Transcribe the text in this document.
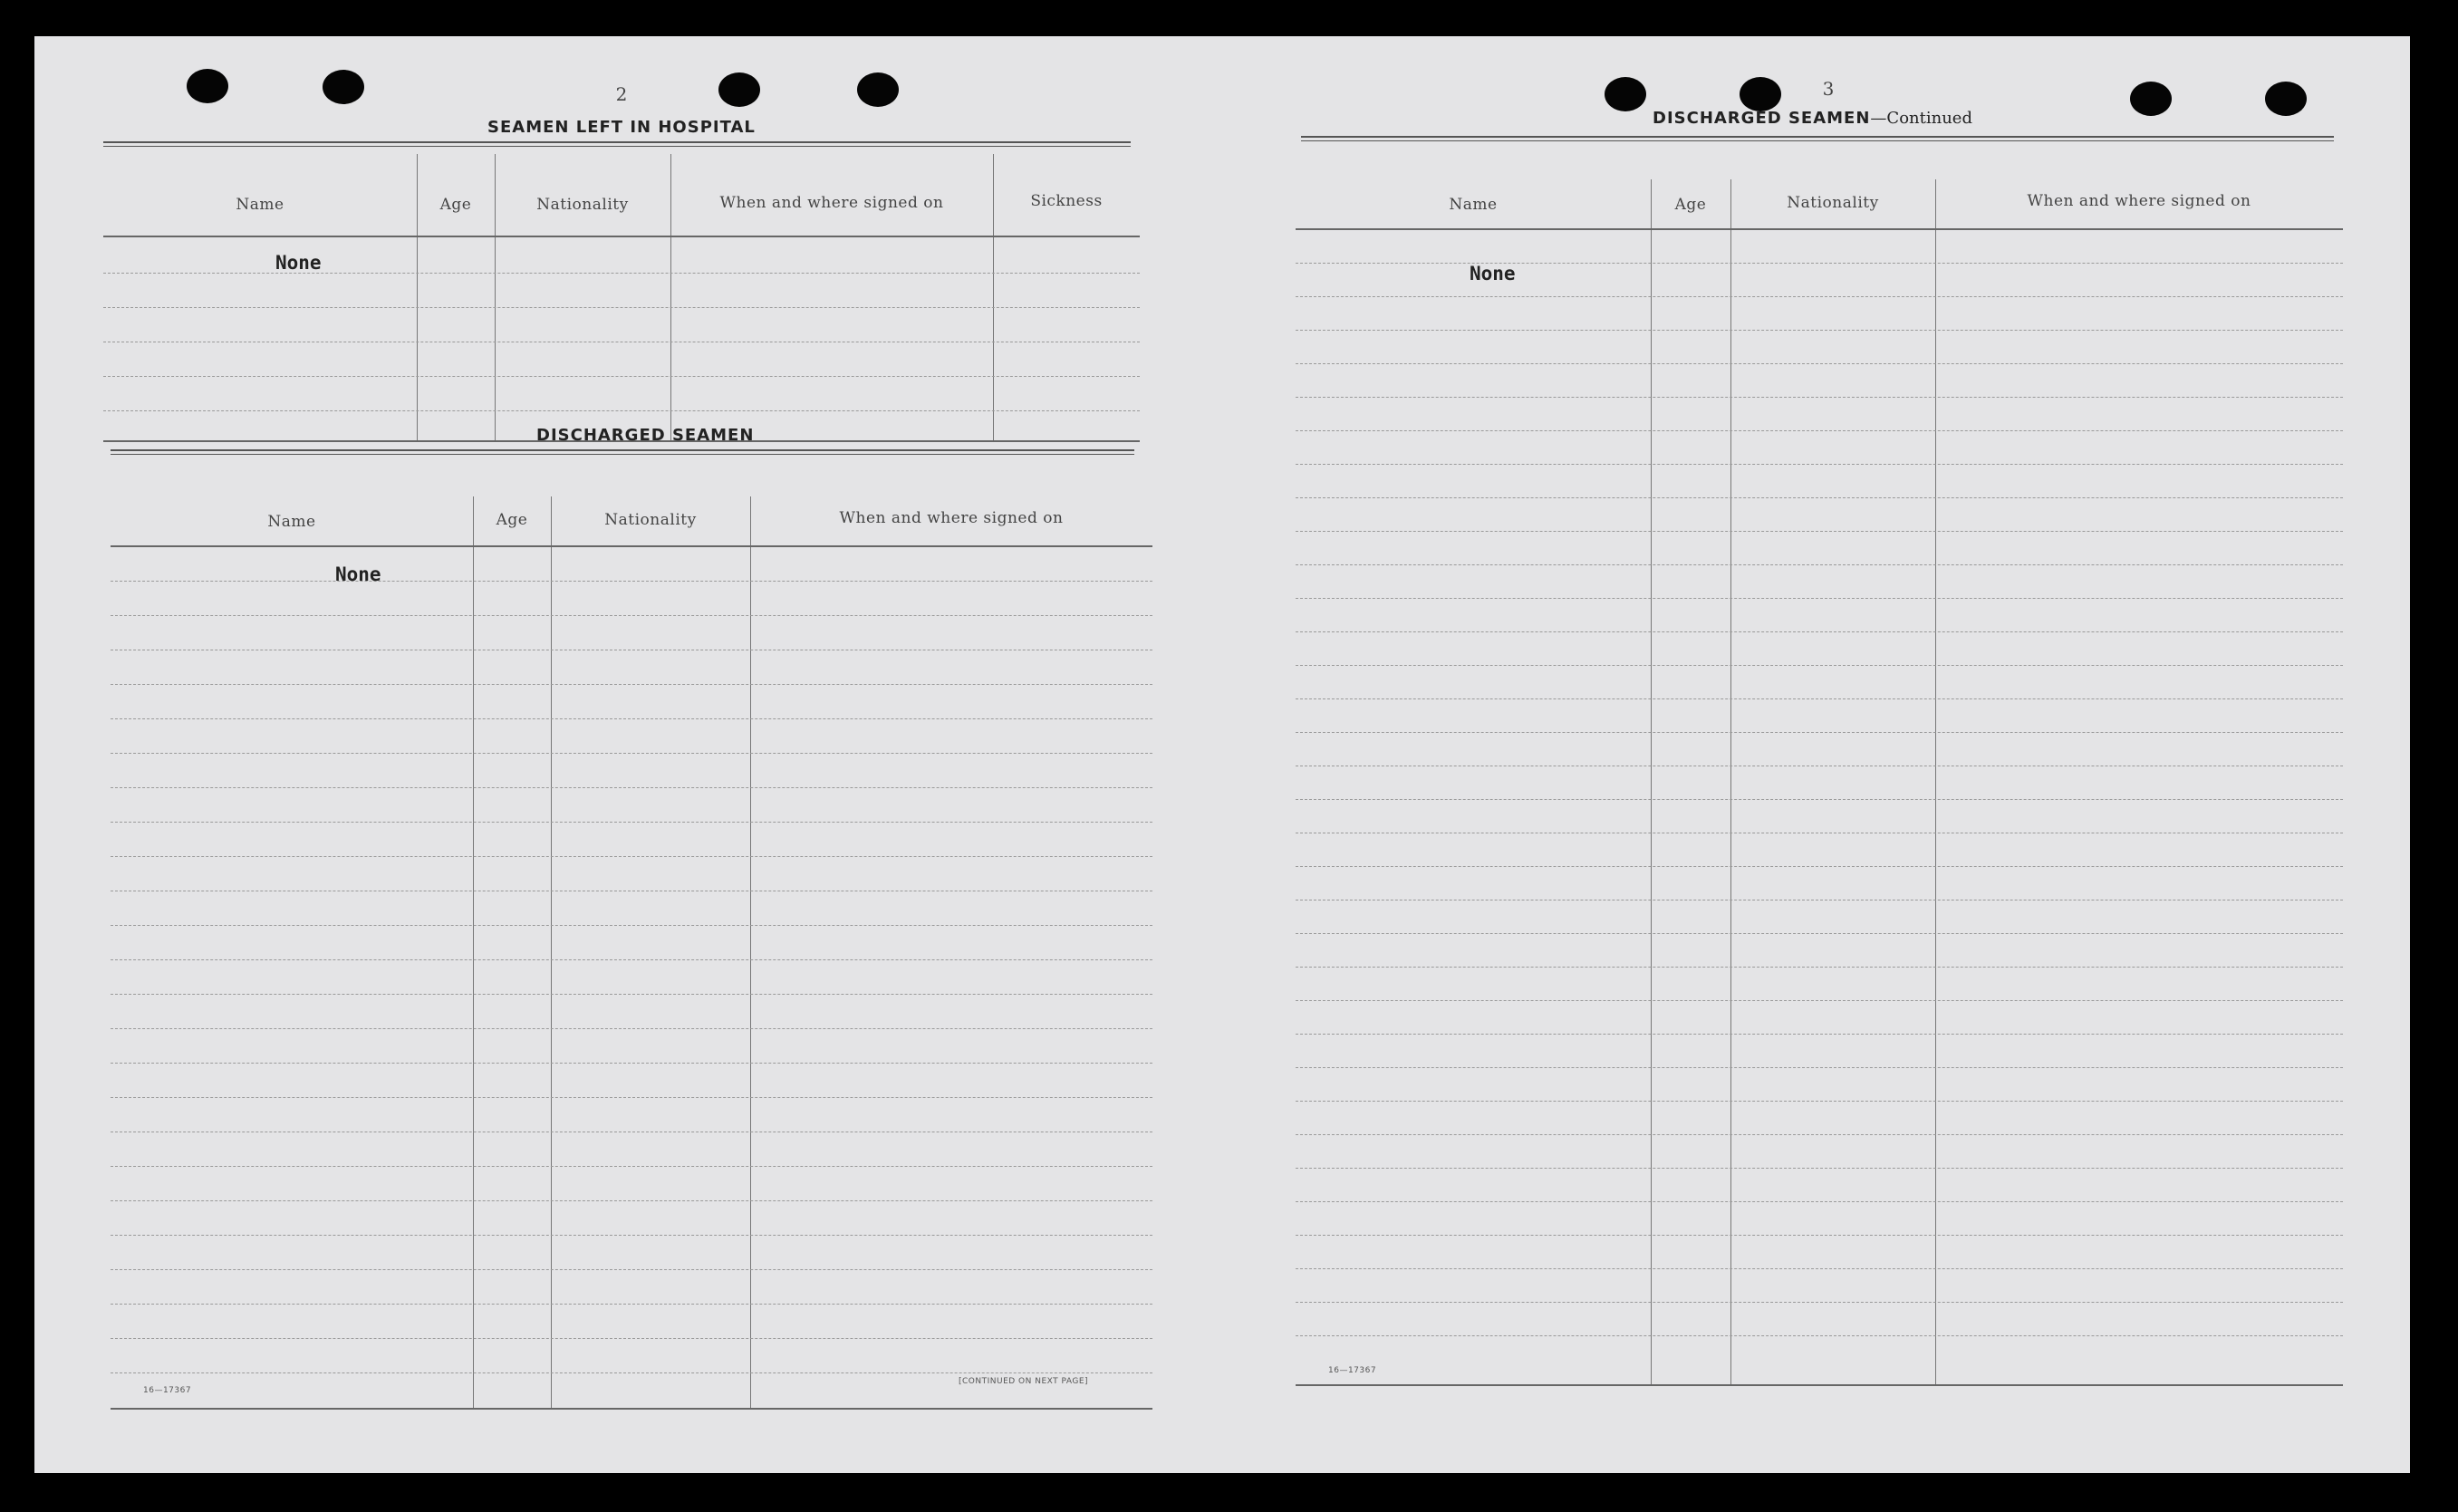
2
SEAMEN LEFT IN HOSPITAL
Name	Age	Nationality	When and where signed on	Sickness
None
DISCHARGED SEAMEN
Name	Age	Nationality	When and where signed on
None
16—17367
[CONTINUED ON NEXT PAGE]
3
DISCHARGED SEAMEN—Continued
Name	Age	Nationality	When and where signed on
None
16—17367
